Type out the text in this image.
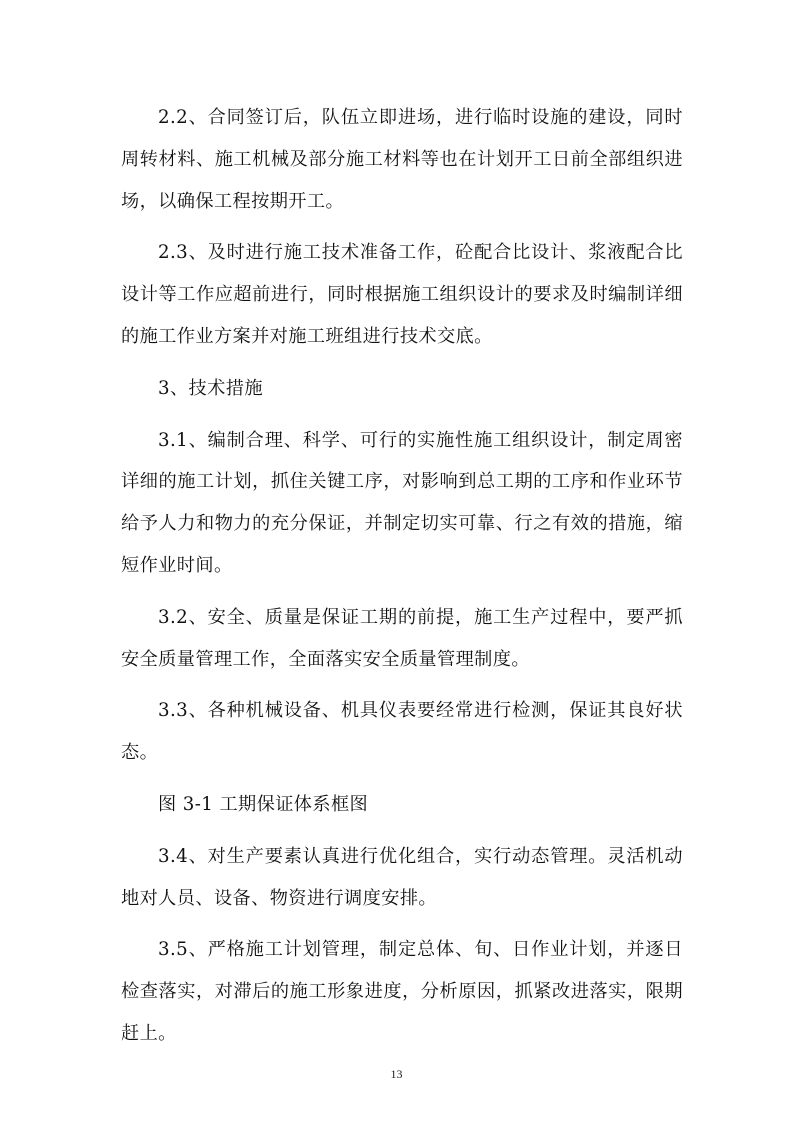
2.2、合同签订后，队伍立即进场，进行临时设施的建设，同时周转材料、施工机械及部分施工材料等也在计划开工日前全部组织进场，以确保工程按期开工。

2.3、及时进行施工技术准备工作，砼配合比设计、浆液配合比设计等工作应超前进行，同时根据施工组织设计的要求及时编制详细的施工作业方案并对施工班组进行技术交底。

3、技术措施

3.1、编制合理、科学、可行的实施性施工组织设计，制定周密详细的施工计划，抓住关键工序，对影响到总工期的工序和作业环节给予人力和物力的充分保证，并制定切实可靠、行之有效的措施，缩短作业时间。

3.2、安全、质量是保证工期的前提，施工生产过程中，要严抓安全质量管理工作，全面落实安全质量管理制度。

3.3、各种机械设备、机具仪表要经常进行检测，保证其良好状态。

图 3-1 工期保证体系框图

3.4、对生产要素认真进行优化组合，实行动态管理。灵活机动地对人员、设备、物资进行调度安排。

3.5、严格施工计划管理，制定总体、旬、日作业计划，并逐日检查落实，对滞后的施工形象进度，分析原因，抓紧改进落实，限期赶上。

13
